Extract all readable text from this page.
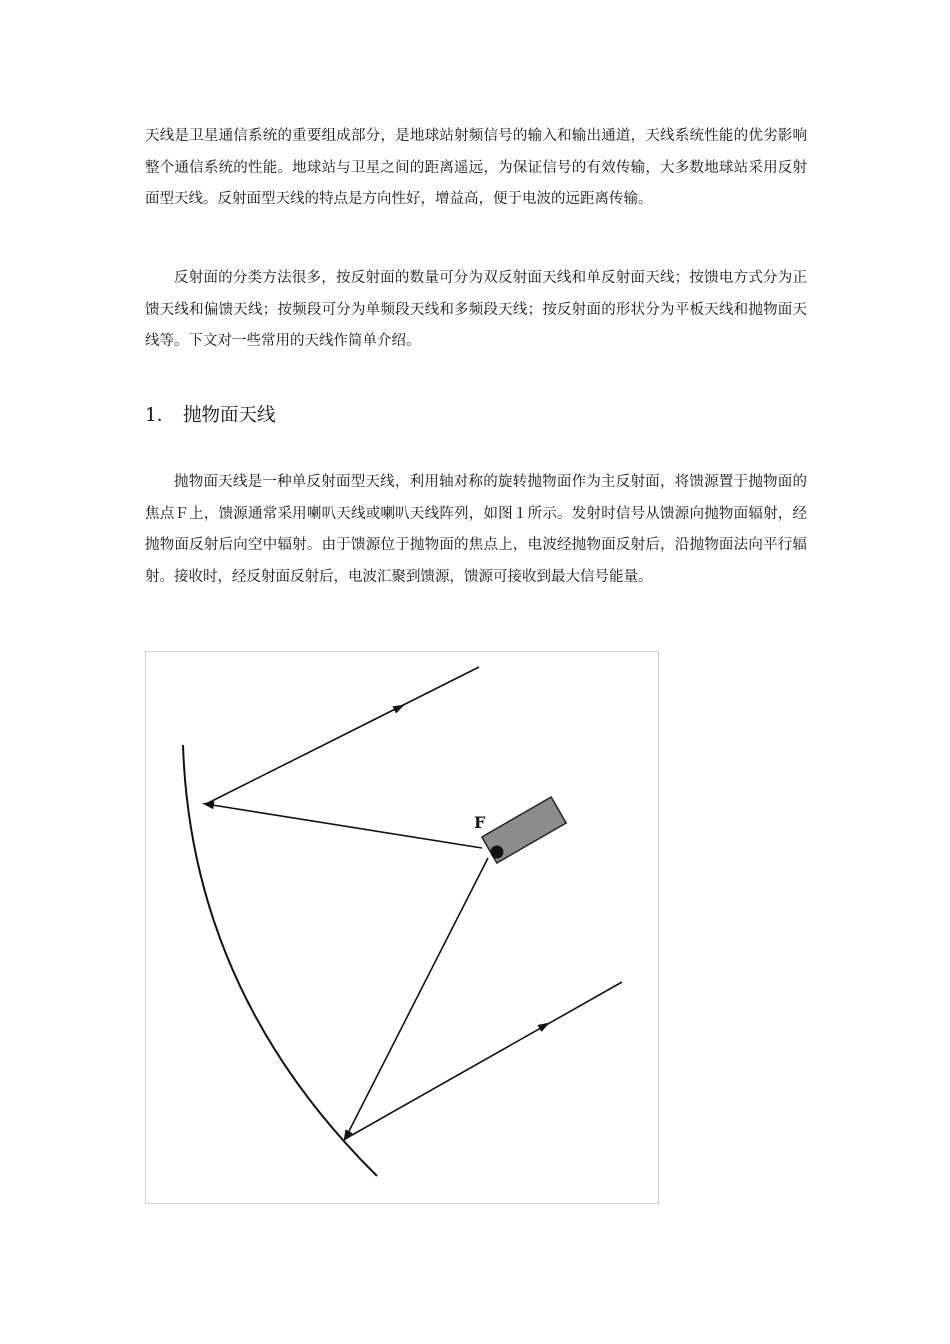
天线是卫星通信系统的重要组成部分，是地球站射频信号的输入和输出通道，天线系统性能的优劣影响整个通信系统的性能。地球站与卫星之间的距离遥远，为保证信号的有效传输，大多数地球站采用反射面型天线。反射面型天线的特点是方向性好，增益高，便于电波的远距离传输。

反射面的分类方法很多，按反射面的数量可分为双反射面天线和单反射面天线；按馈电方式分为正馈天线和偏馈天线；按频段可分为单频段天线和多频段天线；按反射面的形状分为平板天线和抛物面天线等。下文对一些常用的天线作简单介绍。

1． 抛物面天线

抛物面天线是一种单反射面型天线，利用轴对称的旋转抛物面作为主反射面，将馈源置于抛物面的焦点Ｆ上，馈源通常采用喇叭天线或喇叭天线阵列，如图１所示。发射时信号从馈源向抛物面辐射，经抛物面反射后向空中辐射。由于馈源位于抛物面的焦点上，电波经抛物面反射后，沿抛物面法向平行辐射。接收时，经反射面反射后，电波汇聚到馈源，馈源可接收到最大信号能量。

F
